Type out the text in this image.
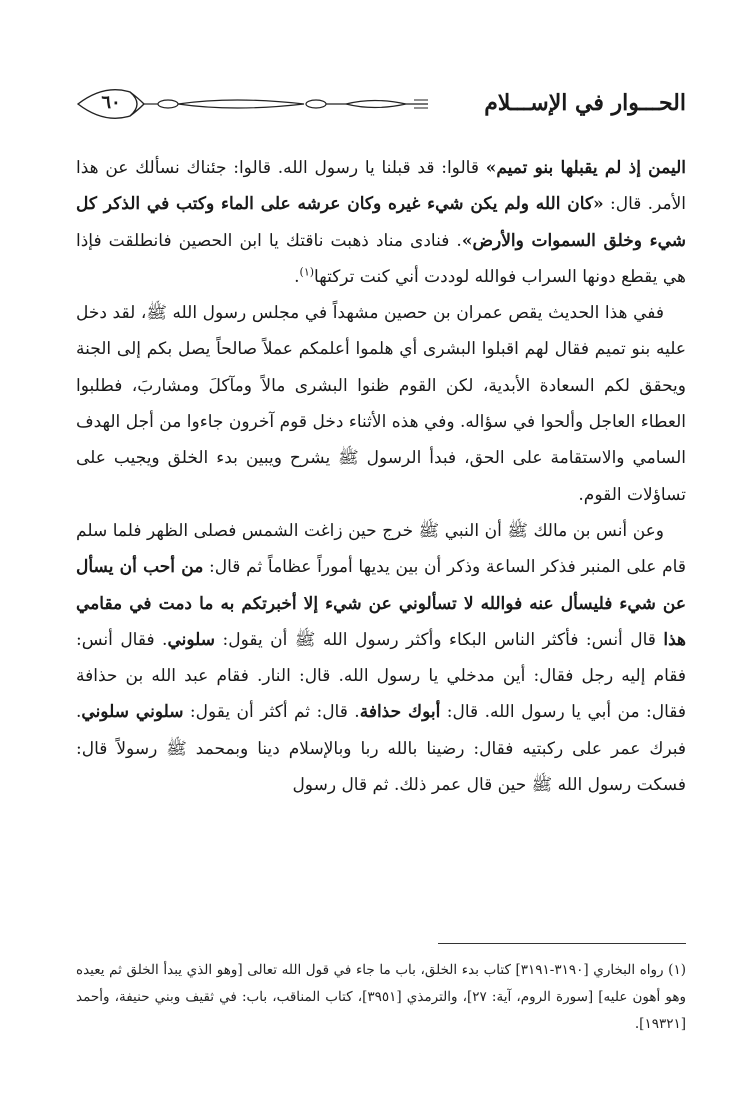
٦٠	الحـــوار في الإســـلام

اليمن إذ لم يقبلها بنو تميم» قالوا: قد قبلنا يا رسول الله. قالوا: جئناك نسألك عن هذا الأمر. قال: «كان الله ولم يكن شيء غيره وكان عرشه على الماء وكتب في الذكر كل شيء وخلق السموات والأرض». فنادى مناد ذهبت ناقتك يا ابن الحصين فانطلقت فإذا هي يقطع دونها السراب فوالله لوددت أني كنت تركتها$^{(١)}$.

ففي هذا الحديث يقص عمران بن حصين مشهداً في مجلس رسول الله ﷺ، لقد دخل عليه بنو تميم فقال لهم اقبلوا البشرى أي هلموا أعلمكم عملاً صالحاً يصل بكم إلى الجنة ويحقق لكم السعادة الأبدية، لكن القوم ظنوا البشرى مالاً ومآكلَ ومشاربَ، فطلبوا العطاء العاجل وألحوا في سؤاله. وفي هذه الأثناء دخل قوم آخرون جاءوا من أجل الهدف السامي والاستقامة على الحق، فبدأ الرسول ﷺ يشرح ويبين بدء الخلق ويجيب على تساؤلات القوم.

وعن أنس بن مالك ﷺ أن النبي ﷺ خرج حين زاغت الشمس فصلى الظهر فلما سلم قام على المنبر فذكر الساعة وذكر أن بين يديها أموراً عظاماً ثم قال: من أحب أن يسأل عن شيء فليسأل عنه فوالله لا تسألوني عن شيء إلا أخبرتكم به ما دمت في مقامي هذا قال أنس: فأكثر الناس البكاء وأكثر رسول الله ﷺ أن يقول: سلوني. فقال أنس: فقام إليه رجل فقال: أين مدخلي يا رسول الله. قال: النار. فقام عبد الله بن حذافة فقال: من أبي يا رسول الله. قال: أبوك حذافة. قال: ثم أكثر أن يقول: سلوني سلوني. فبرك عمر على ركبتيه فقال: رضينا بالله ربا وبالإسلام دينا وبمحمد ﷺ رسولاً قال: فسكت رسول الله ﷺ حين قال عمر ذلك. ثم قال رسول

(١) رواه البخاري [٣١٩٠-٣١٩١] كتاب بدء الخلق، باب ما جاء في قول الله تعالى [وهو الذي يبدأ الخلق ثم يعيده وهو أهون عليه] [سورة الروم، آية: ٢٧]، والترمذي [٣٩٥١]، كتاب المناقب، باب: في ثقيف وبني حنيفة، وأحمد [١٩٣٢١].
